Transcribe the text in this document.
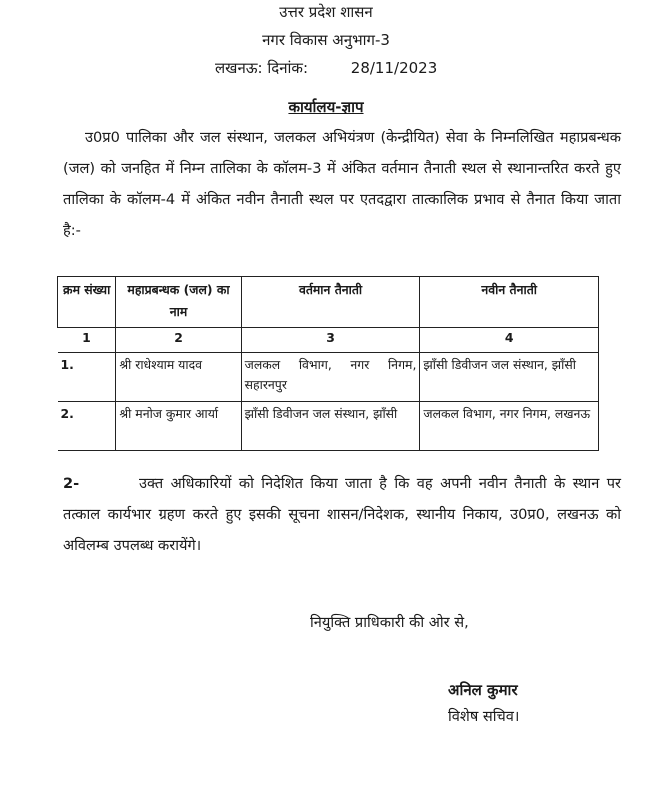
उत्तर प्रदेश शासन
नगर विकास अनुभाग-3
लखनऊ: दिनांक:	28/11/2023
कार्यालय-ज्ञाप
उ0प्र0 पालिका और जल संस्थान, जलकल अभियंत्रण (केन्द्रीयित) सेवा के निम्नलिखित महाप्रबन्धक (जल) को जनहित में निम्न तालिका के कॉलम-3 में अंकित वर्तमान तैनाती स्थल से स्थानान्तरित करते हुए तालिका के कॉलम-4 में अंकित नवीन तैनाती स्थल पर एतदद्वारा तात्कालिक प्रभाव से तैनात किया जाता है:-
क्रम संख्या	महाप्रबन्धक (जल) का नाम	वर्तमान तैनाती	नवीन तैनाती
1	2	3	4
1.	श्री राधेश्याम यादव	जलकल विभाग, नगर निगम, सहारनपुर	झाँसी डिवीजन जल संस्थान, झाँसी
2.	श्री मनोज कुमार आर्या	झाँसी डिवीजन जल संस्थान, झाँसी	जलकल विभाग, नगर निगम, लखनऊ
2-	उक्त अधिकारियों को निदेशित किया जाता है कि वह अपनी नवीन तैनाती के स्थान पर तत्काल कार्यभार ग्रहण करते हुए इसकी सूचना शासन/निदेशक, स्थानीय निकाय, उ0प्र0, लखनऊ को अविलम्ब उपलब्ध करायेंगे।
नियुक्ति प्राधिकारी की ओर से,
अनिल कुमार
विशेष सचिव।
